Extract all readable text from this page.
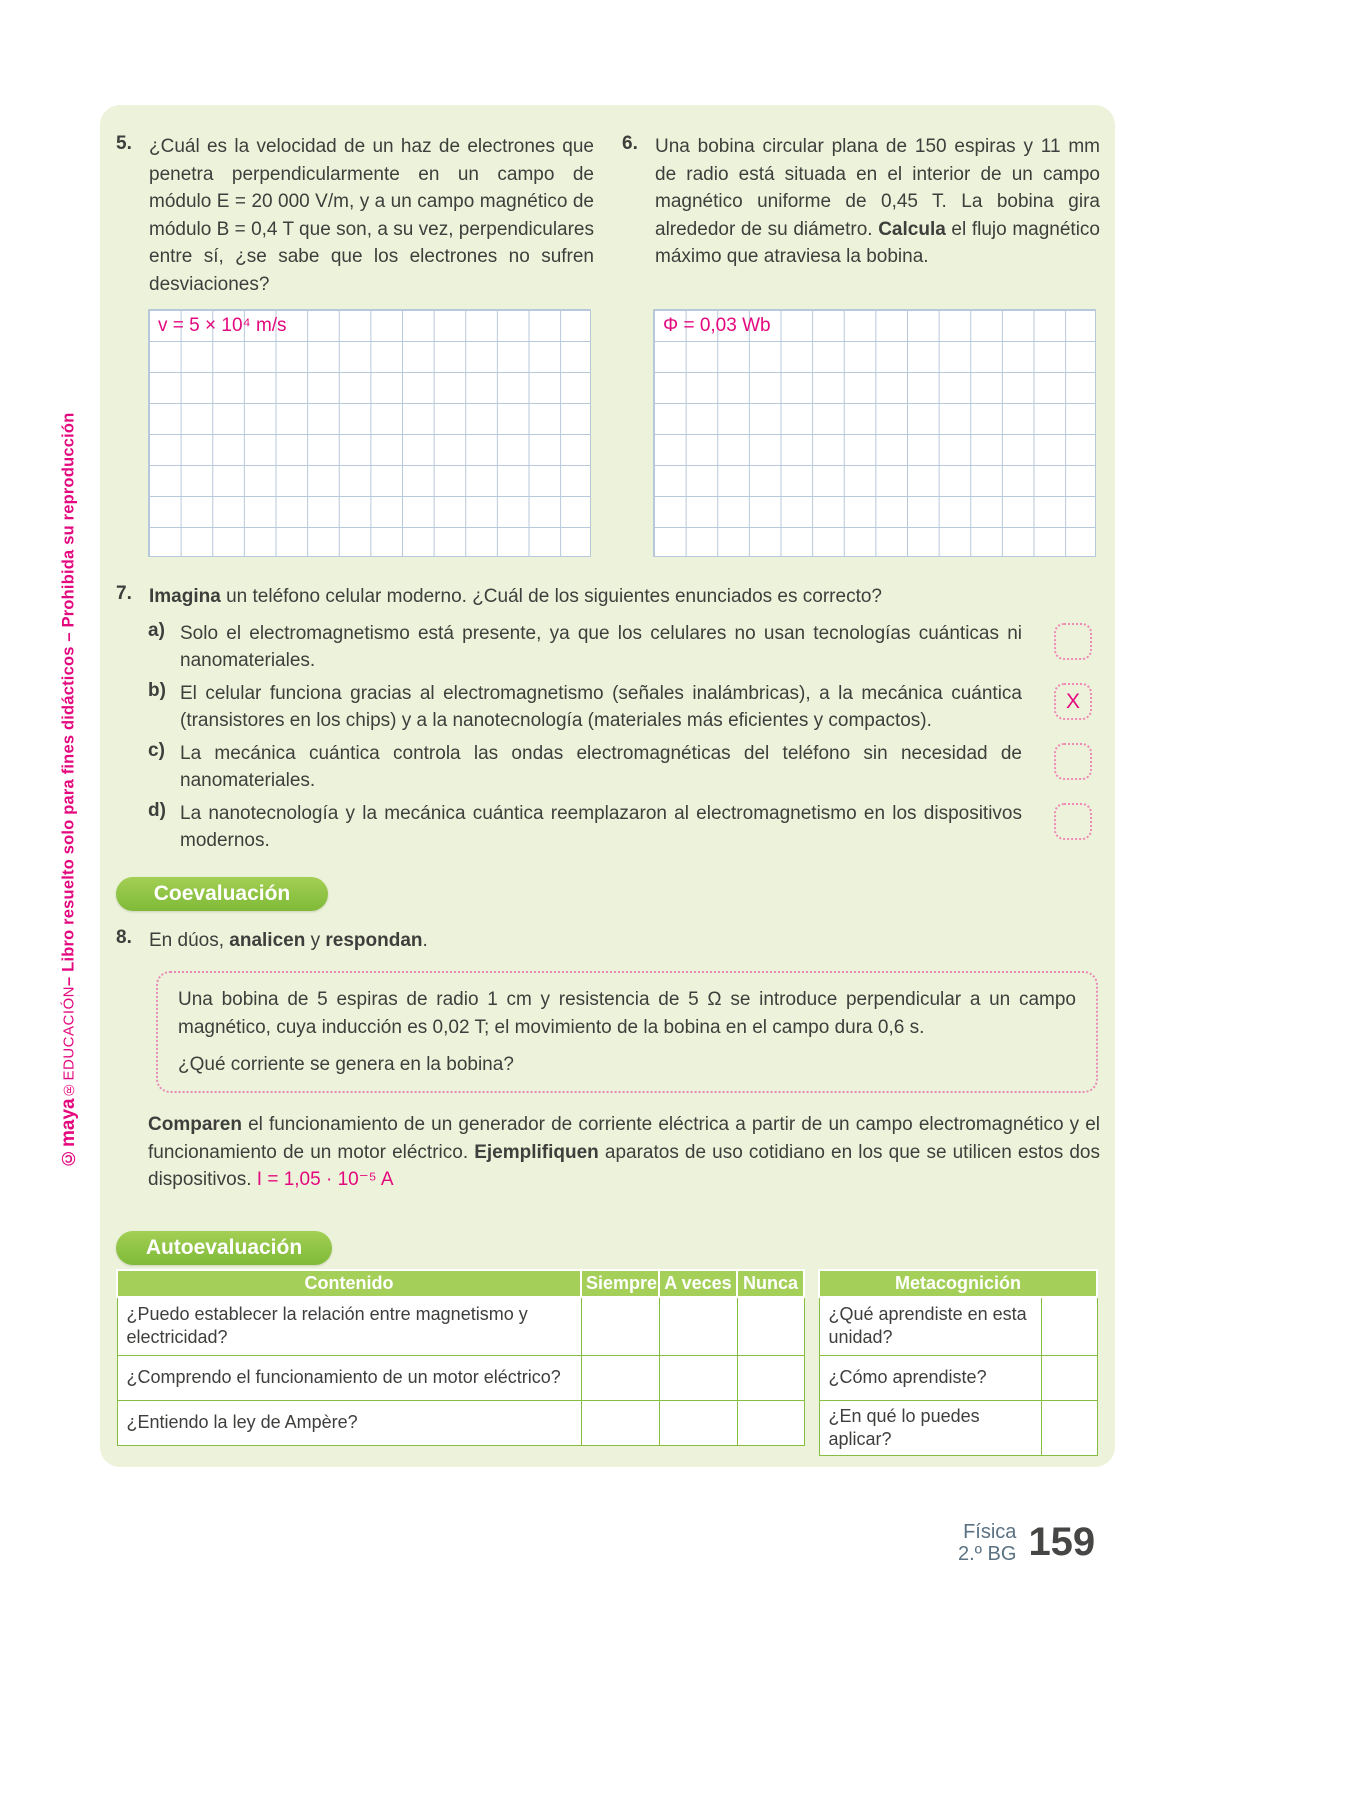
©maya
®EDUCACIÓN
– Libro resuelto solo para fines didácticos – Prohibida su reproducción
5. ¿Cuál es la velocidad de un haz de electrones que penetra perpendicularmente en un campo de módulo E = 20 000 V/m, y a un campo magnético de módulo B = 0,4 T que son, a su vez, perpendiculares entre sí, ¿se sabe que los electrones no sufren desviaciones?

v = 5 × 10⁴ m/s
6. Una bobina circular plana de 150 espiras y 11 mm de radio está situada en el interior de un campo magnético uniforme de 0,45 T. La bobina gira alrededor de su diámetro. Calcula el flujo magnético máximo que atraviesa la bobina.

Φ = 0,03 Wb
7. Imagina un teléfono celular moderno. ¿Cuál de los siguientes enunciados es correcto?

a) Solo el electromagnetismo está presente, ya que los celulares no usan tecnologías cuánticas ni nanomateriales.

b) El celular funciona gracias al electromagnetismo (señales inalámbricas), a la mecánica cuántica (transistores en los chips) y a la nanotecnología (materiales más eficientes y compactos).

X
c) La mecánica cuántica controla las ondas electromagnéticas del teléfono sin necesidad de nanomateriales.

d) La nanotecnología y la mecánica cuántica reemplazaron al electromagnetismo en los dispositivos modernos.

Coevaluación
8. En dúos, analicen y respondan.

Una bobina de 5 espiras de radio 1 cm y resistencia de 5 Ω se introduce perpendicular a un campo magnético, cuya inducción es 0,02 T; el movimiento de la bobina en el campo dura 0,6 s.

¿Qué corriente se genera en la bobina?

Comparen el funcionamiento de un generador de corriente eléctrica a partir de un campo electromagnético y el funcionamiento de un motor eléctrico. Ejemplifiquen aparatos de uso cotidiano en los que se utilicen estos dos dispositivos. I = 1,05 · 10⁻⁵ A

Autoevaluación
Contenido	Siempre	A veces	Nunca
¿Puedo establecer la relación entre magnetismo y electricidad?			
¿Comprendo el funcionamiento de un motor eléctrico?			
¿Entiendo la ley de Ampère?			
Metacognición	
¿Qué aprendiste en esta unidad?	
¿Cómo aprendiste?	
¿En qué lo puedes aplicar?	
Física
2.º BG 159
